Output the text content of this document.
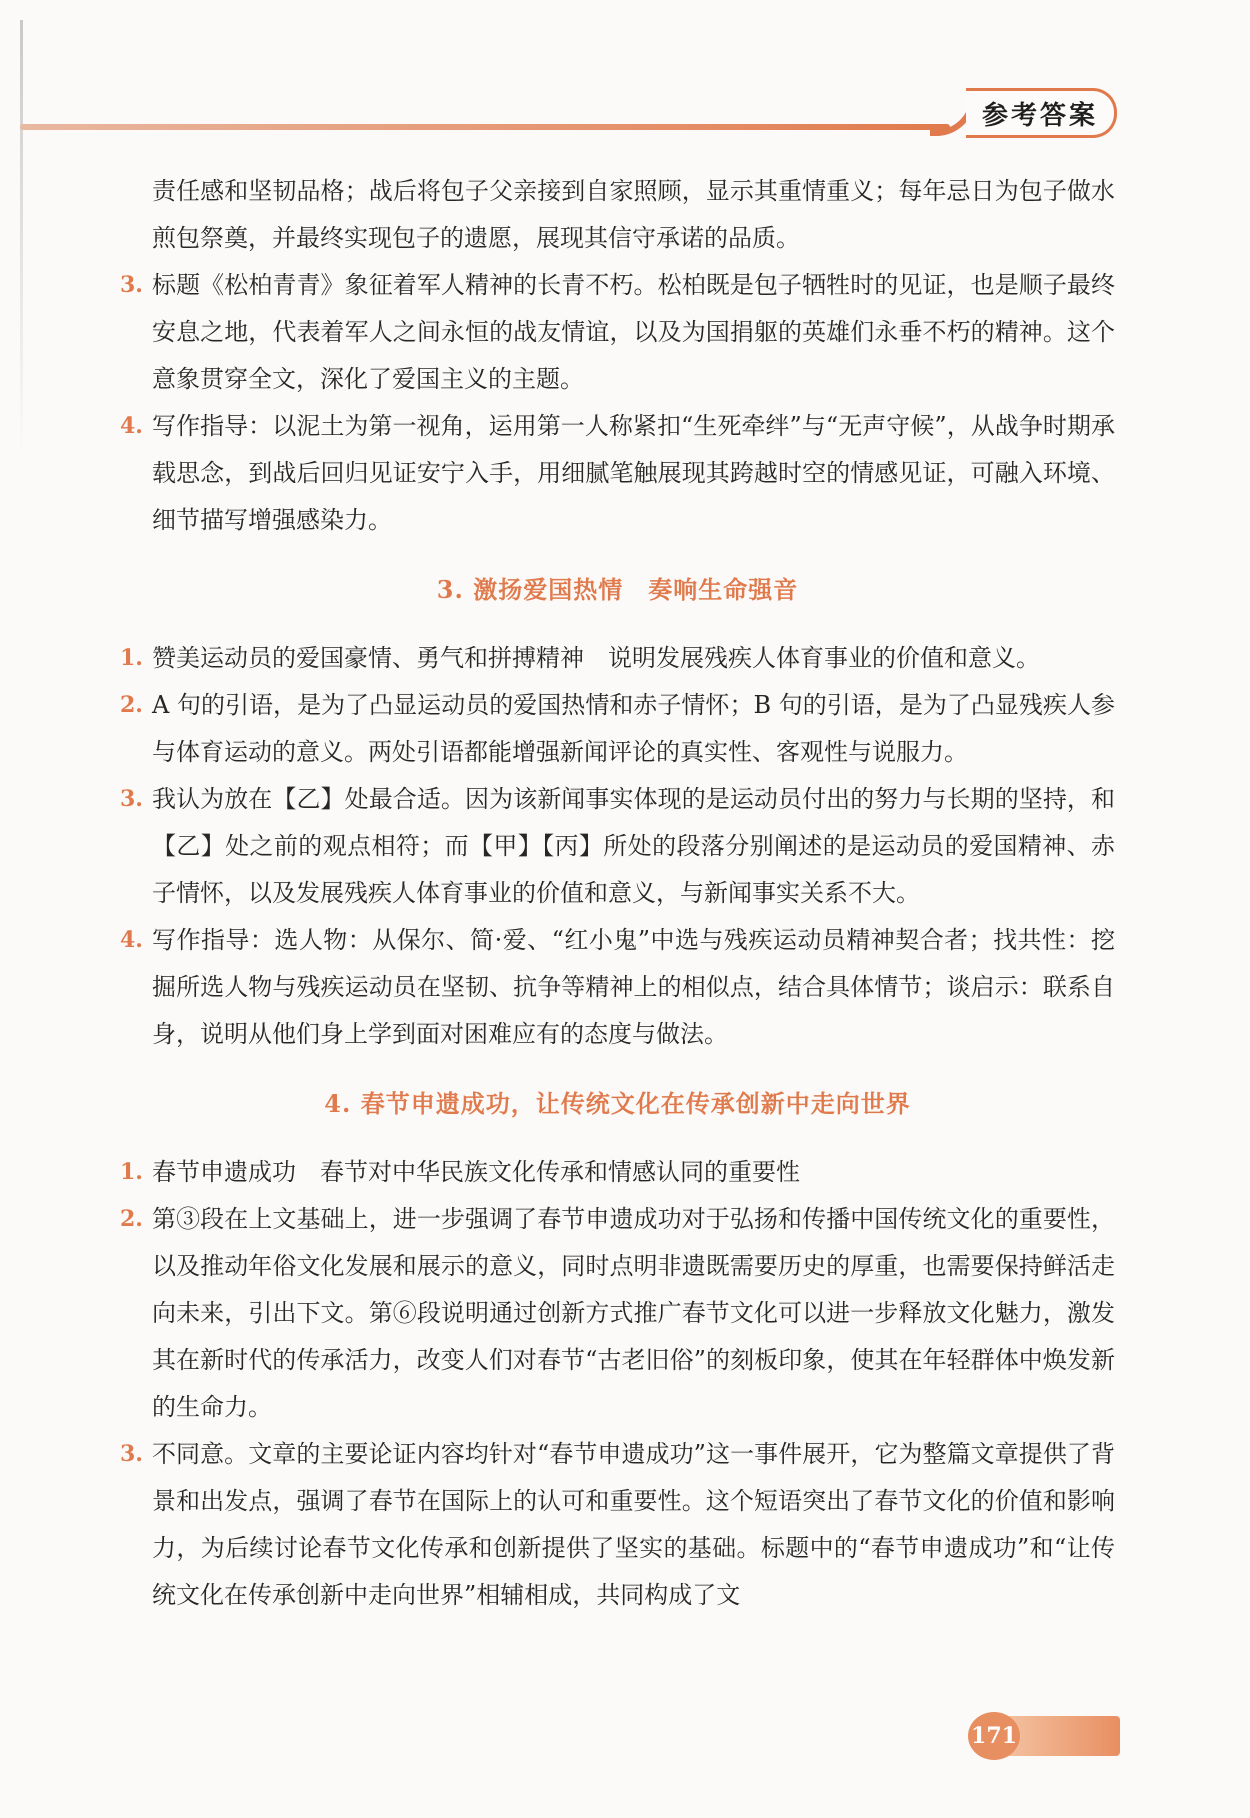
参考答案
责任感和坚韧品格；战后将包子父亲接到自家照顾，显示其重情重义；每年忌日为包子做水煎包祭奠，并最终实现包子的遗愿，展现其信守承诺的品质。
3. 标题《松柏青青》象征着军人精神的长青不朽。松柏既是包子牺牲时的见证，也是顺子最终安息之地，代表着军人之间永恒的战友情谊，以及为国捐躯的英雄们永垂不朽的精神。这个意象贯穿全文，深化了爱国主义的主题。
4. 写作指导：以泥土为第一视角，运用第一人称紧扣“生死牵绊”与“无声守候”，从战争时期承载思念，到战后回归见证安宁入手，用细腻笔触展现其跨越时空的情感见证，可融入环境、细节描写增强感染力。
3. 激扬爱国热情　奏响生命强音
1. 赞美运动员的爱国豪情、勇气和拼搏精神　说明发展残疾人体育事业的价值和意义。
2. A 句的引语，是为了凸显运动员的爱国热情和赤子情怀；B 句的引语，是为了凸显残疾人参与体育运动的意义。两处引语都能增强新闻评论的真实性、客观性与说服力。
3. 我认为放在【乙】处最合适。因为该新闻事实体现的是运动员付出的努力与长期的坚持，和【乙】处之前的观点相符；而【甲】【丙】所处的段落分别阐述的是运动员的爱国精神、赤子情怀，以及发展残疾人体育事业的价值和意义，与新闻事实关系不大。
4. 写作指导：选人物：从保尔、简·爱、“红小鬼”中选与残疾运动员精神契合者；找共性：挖掘所选人物与残疾运动员在坚韧、抗争等精神上的相似点，结合具体情节；谈启示：联系自身，说明从他们身上学到面对困难应有的态度与做法。
4. 春节申遗成功，让传统文化在传承创新中走向世界
1. 春节申遗成功　春节对中华民族文化传承和情感认同的重要性
2. 第③段在上文基础上，进一步强调了春节申遗成功对于弘扬和传播中国传统文化的重要性，以及推动年俗文化发展和展示的意义，同时点明非遗既需要历史的厚重，也需要保持鲜活走向未来，引出下文。第⑥段说明通过创新方式推广春节文化可以进一步释放文化魅力，激发其在新时代的传承活力，改变人们对春节“古老旧俗”的刻板印象，使其在年轻群体中焕发新的生命力。
3. 不同意。文章的主要论证内容均针对“春节申遗成功”这一事件展开，它为整篇文章提供了背景和出发点，强调了春节在国际上的认可和重要性。这个短语突出了春节文化的价值和影响力，为后续讨论春节文化传承和创新提供了坚实的基础。标题中的“春节申遗成功”和“让传统文化在传承创新中走向世界”相辅相成，共同构成了文
171
